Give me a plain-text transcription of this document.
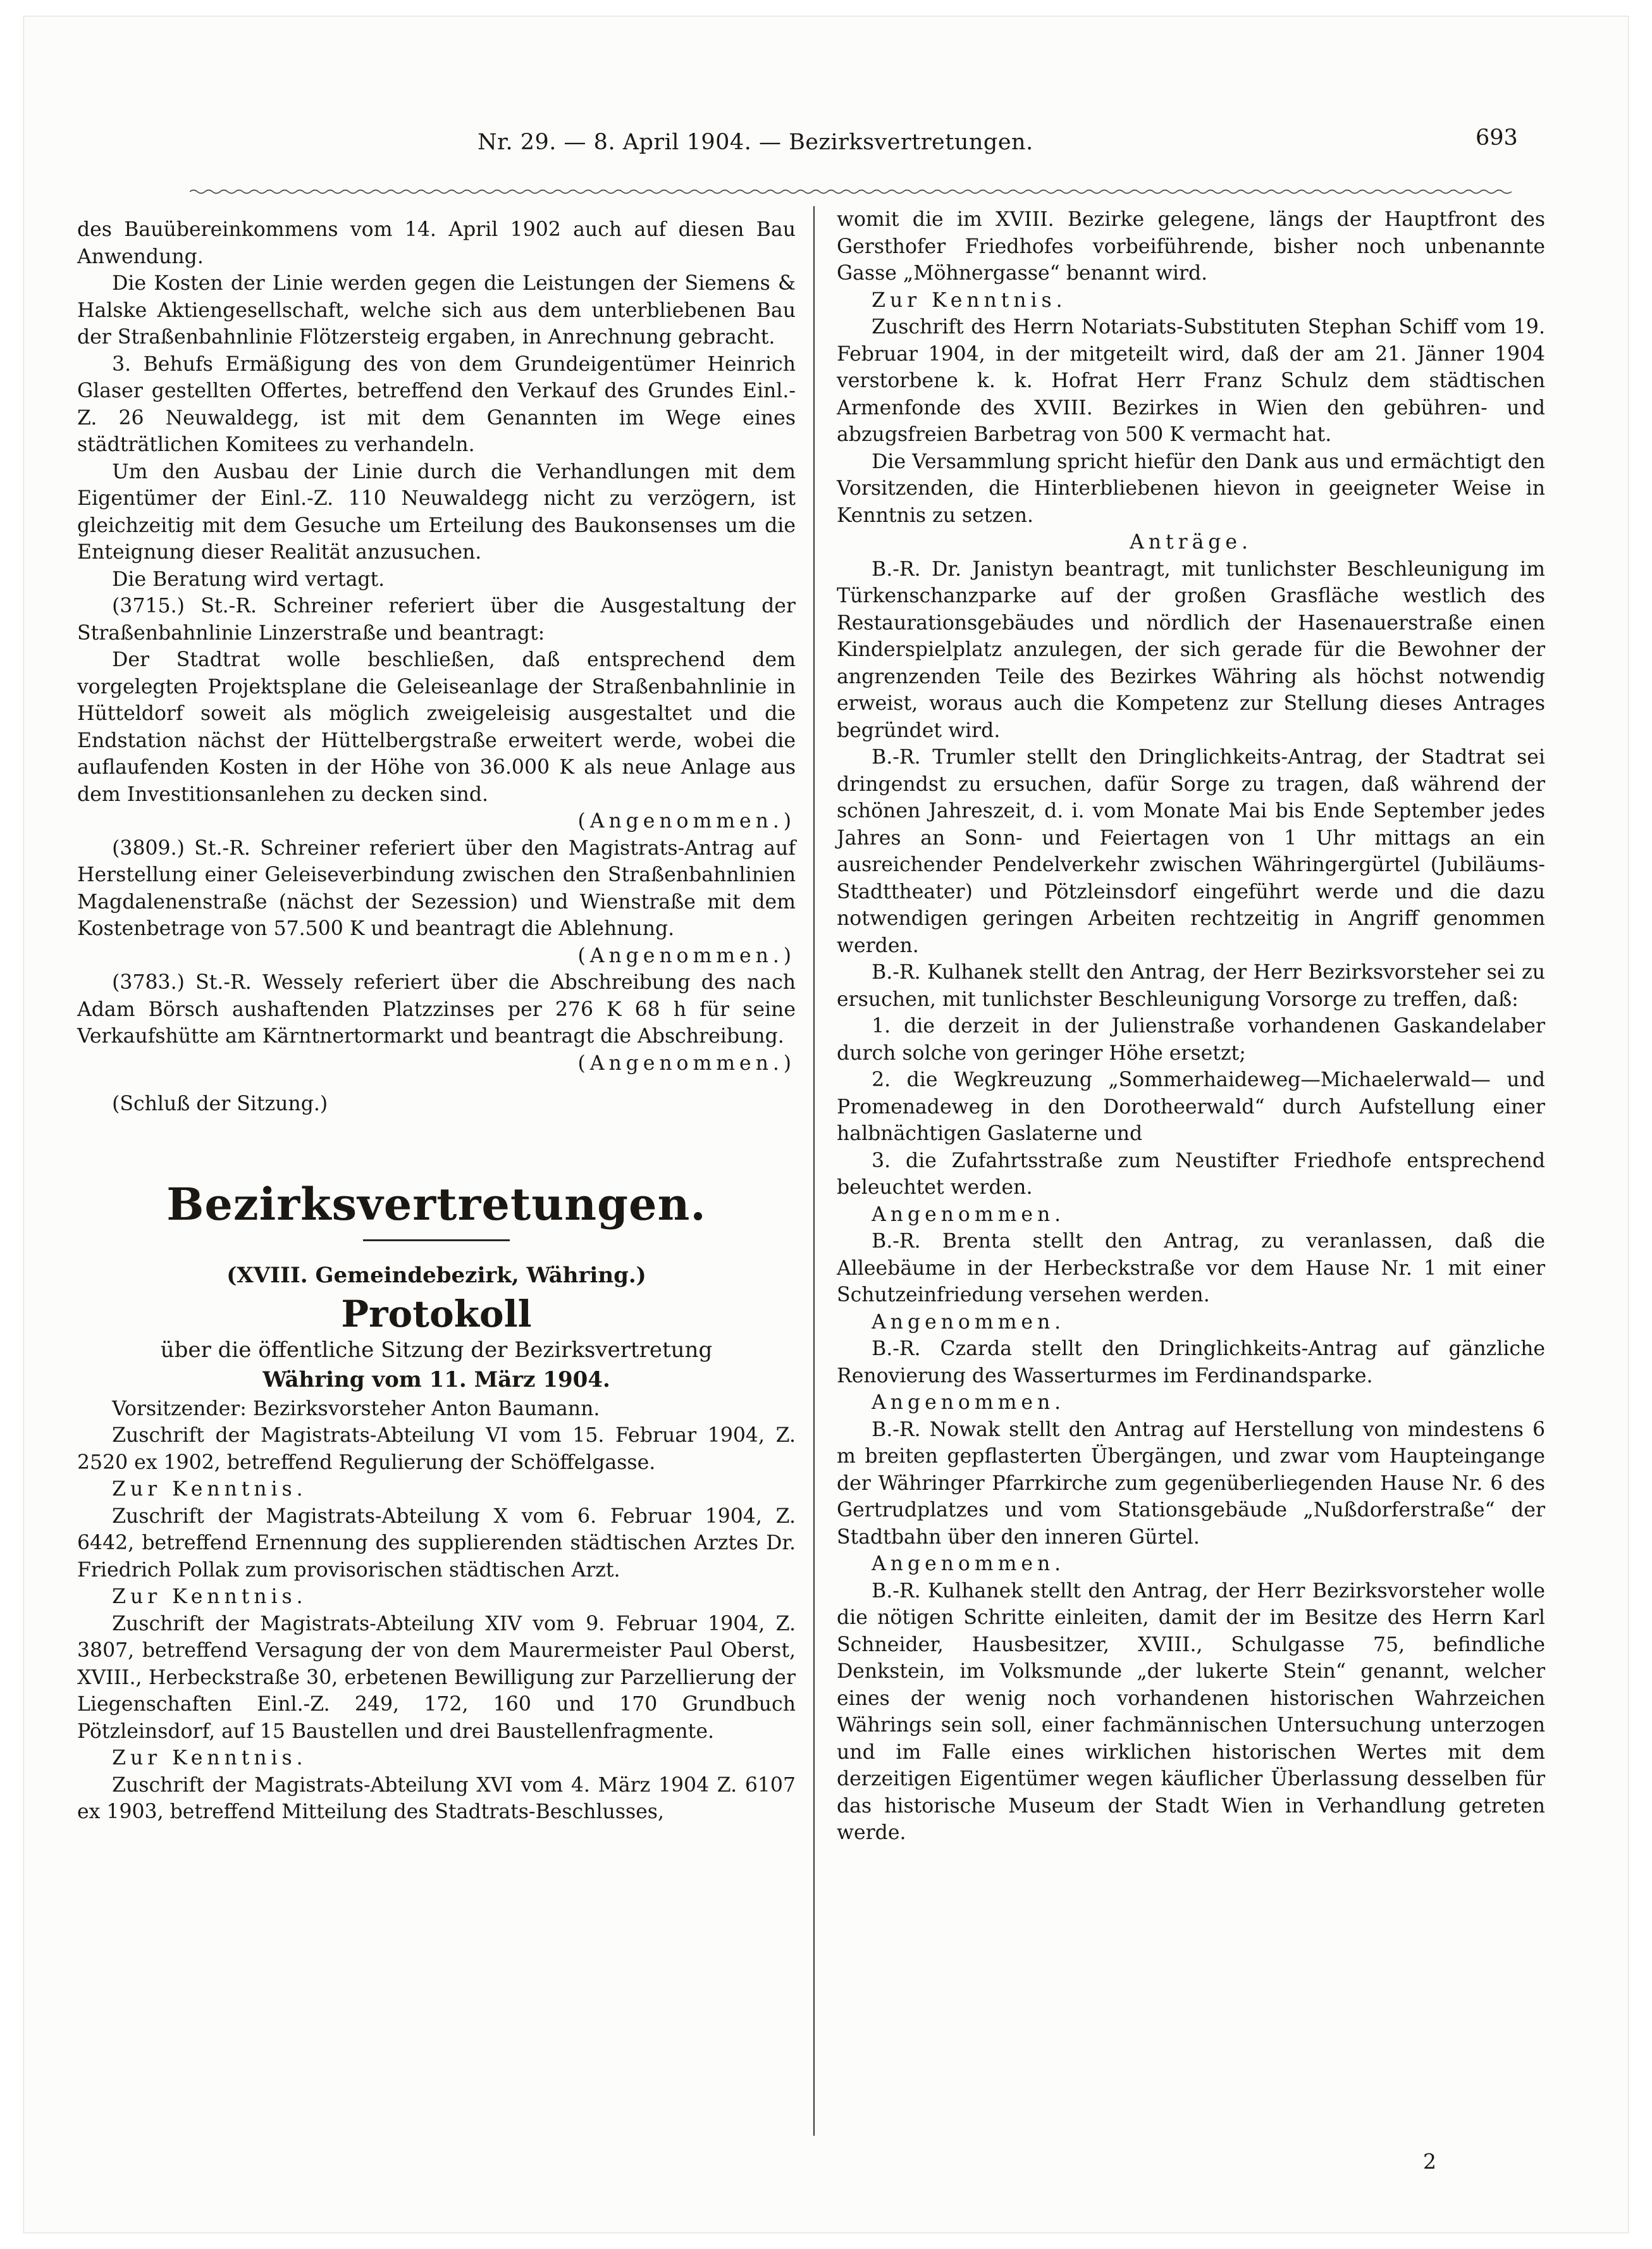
Nr. 29. — 8. April 1904. — Bezirksvertretungen.	693

des Bauübereinkommens vom 14. April 1902 auch auf diesen Bau Anwendung.

Die Kosten der Linie werden gegen die Leistungen der Siemens & Halske Aktiengesellschaft, welche sich aus dem unterbliebenen Bau der Straßenbahnlinie Flötzersteig ergaben, in Anrechnung gebracht.

3. Behufs Ermäßigung des von dem Grundeigentümer Heinrich Glaser gestellten Offertes, betreffend den Verkauf des Grundes Einl.-Z. 26 Neuwaldegg, ist mit dem Genannten im Wege eines städträtlichen Komitees zu verhandeln.

Um den Ausbau der Linie durch die Verhandlungen mit dem Eigentümer der Einl.-Z. 110 Neuwaldegg nicht zu verzögern, ist gleichzeitig mit dem Gesuche um Erteilung des Baukonsenses um die Enteignung dieser Realität anzusuchen.

Die Beratung wird vertagt.

(3715.) St.-R. Schreiner referiert über die Ausgestaltung der Straßenbahnlinie Linzerstraße und beantragt:

Der Stadtrat wolle beschließen, daß entsprechend dem vorgelegten Projektsplane die Geleiseanlage der Straßenbahnlinie in Hütteldorf soweit als möglich zweigeleisig ausgestaltet und die Endstation nächst der Hüttelbergstraße erweitert werde, wobei die auflaufenden Kosten in der Höhe von 36.000 K als neue Anlage aus dem Investitionsanlehen zu decken sind.

(Angenommen.)

(3809.) St.-R. Schreiner referiert über den Magistrats-Antrag auf Herstellung einer Geleiseverbindung zwischen den Straßenbahnlinien Magdalenenstraße (nächst der Sezession) und Wienstraße mit dem Kostenbetrage von 57.500 K und beantragt die Ablehnung.

(Angenommen.)

(3783.) St.-R. Wessely referiert über die Abschreibung des nach Adam Börsch aushaftenden Platzzinses per 276 K 68 h für seine Verkaufshütte am Kärntnertormarkt und beantragt die Abschreibung.

(Angenommen.)

(Schluß der Sitzung.)

Bezirksvertretungen.
(XVIII. Gemeindebezirk, Währing.)
Protokoll

über die öffentliche Sitzung der Bezirksvertretung

Währing vom 11. März 1904.

Vorsitzender: Bezirksvorsteher Anton Baumann.

Zuschrift der Magistrats-Abteilung VI vom 15. Februar 1904, Z. 2520 ex 1902, betreffend Regulierung der Schöffelgasse.

Zur Kenntnis.

Zuschrift der Magistrats-Abteilung X vom 6. Februar 1904, Z. 6442, betreffend Ernennung des supplierenden städtischen Arztes Dr. Friedrich Pollak zum provisorischen städtischen Arzt.

Zur Kenntnis.

Zuschrift der Magistrats-Abteilung XIV vom 9. Februar 1904, Z. 3807, betreffend Versagung der von dem Maurermeister Paul Oberst, XVIII., Herbeckstraße 30, erbetenen Bewilligung zur Parzellierung der Liegenschaften Einl.-Z. 249, 172, 160 und 170 Grundbuch Pötzleinsdorf, auf 15 Baustellen und drei Baustellenfragmente.

Zur Kenntnis.

Zuschrift der Magistrats-Abteilung XVI vom 4. März 1904 Z. 6107 ex 1903, betreffend Mitteilung des Stadtrats-Beschlusses,

womit die im XVIII. Bezirke gelegene, längs der Hauptfront des Gersthofer Friedhofes vorbeiführende, bisher noch unbenannte Gasse „Möhnergasse“ benannt wird.

Zur Kenntnis.

Zuschrift des Herrn Notariats-Substituten Stephan Schiff vom 19. Februar 1904, in der mitgeteilt wird, daß der am 21. Jänner 1904 verstorbene k. k. Hofrat Herr Franz Schulz dem städtischen Armenfonde des XVIII. Bezirkes in Wien den gebühren- und abzugsfreien Barbetrag von 500 K vermacht hat.

Die Versammlung spricht hiefür den Dank aus und ermächtigt den Vorsitzenden, die Hinterbliebenen hievon in geeigneter Weise in Kenntnis zu setzen.

Anträge.

B.-R. Dr. Janistyn beantragt, mit tunlichster Beschleunigung im Türkenschanzparke auf der großen Grasfläche westlich des Restaurationsgebäudes und nördlich der Hasenauerstraße einen Kinderspielplatz anzulegen, der sich gerade für die Bewohner der angrenzenden Teile des Bezirkes Währing als höchst notwendig erweist, woraus auch die Kompetenz zur Stellung dieses Antrages begründet wird.

B.-R. Trumler stellt den Dringlichkeits-Antrag, der Stadtrat sei dringendst zu ersuchen, dafür Sorge zu tragen, daß während der schönen Jahreszeit, d. i. vom Monate Mai bis Ende September jedes Jahres an Sonn- und Feiertagen von 1 Uhr mittags an ein ausreichender Pendelverkehr zwischen Währingergürtel (Jubiläums-Stadttheater) und Pötzleinsdorf eingeführt werde und die dazu notwendigen geringen Arbeiten rechtzeitig in Angriff genommen werden.

B.-R. Kulhanek stellt den Antrag, der Herr Bezirksvorsteher sei zu ersuchen, mit tunlichster Beschleunigung Vorsorge zu treffen, daß:

1. die derzeit in der Julienstraße vorhandenen Gaskandelaber durch solche von geringer Höhe ersetzt;

2. die Wegkreuzung „Sommerhaideweg—Michaelerwald— und Promenadeweg in den Dorotheerwald“ durch Aufstellung einer halbnächtigen Gaslaterne und

3. die Zufahrtsstraße zum Neustifter Friedhofe entsprechend beleuchtet werden.

Angenommen.

B.-R. Brenta stellt den Antrag, zu veranlassen, daß die Alleebäume in der Herbeckstraße vor dem Hause Nr. 1 mit einer Schutzeinfriedung versehen werden.

Angenommen.

B.-R. Czarda stellt den Dringlichkeits-Antrag auf gänzliche Renovierung des Wasserturmes im Ferdinandsparke.

Angenommen.

B.-R. Nowak stellt den Antrag auf Herstellung von mindestens 6 m breiten gepflasterten Übergängen, und zwar vom Haupteingange der Währinger Pfarrkirche zum gegenüberliegenden Hause Nr. 6 des Gertrudplatzes und vom Stationsgebäude „Nußdorferstraße“ der Stadtbahn über den inneren Gürtel.

Angenommen.

B.-R. Kulhanek stellt den Antrag, der Herr Bezirksvorsteher wolle die nötigen Schritte einleiten, damit der im Besitze des Herrn Karl Schneider, Hausbesitzer, XVIII., Schulgasse 75, befindliche Denkstein, im Volksmunde „der lukerte Stein“ genannt, welcher eines der wenig noch vorhandenen historischen Wahrzeichen Währings sein soll, einer fachmännischen Untersuchung unterzogen und im Falle eines wirklichen historischen Wertes mit dem derzeitigen Eigentümer wegen käuflicher Überlassung desselben für das historische Museum der Stadt Wien in Verhandlung getreten werde.

2
